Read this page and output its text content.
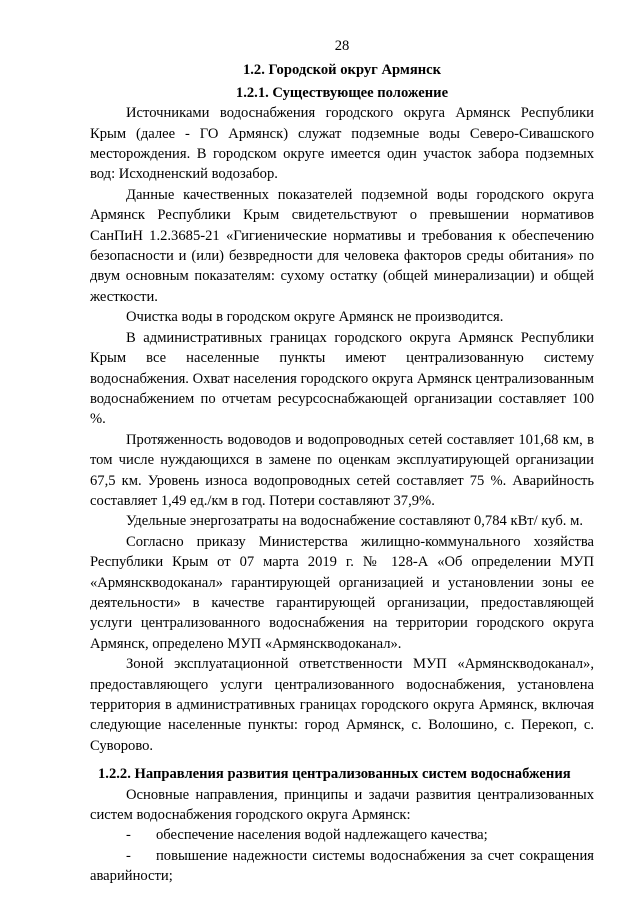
28
1.2. Городской округ Армянск
1.2.1. Существующее положение

Источниками водоснабжения городского округа Армянск Республики Крым (далее - ГО Армянск) служат подземные воды Северо-Сивашского месторождения. В городском округе имеется один участок забора подземных вод: Исходненский водозабор.

Данные качественных показателей подземной воды городского округа Армянск Республики Крым свидетельствуют о превышении нормативов СанПиН 1.2.3685-21 «Гигиенические нормативы и требования к обеспечению безопасности и (или) безвредности для человека факторов среды обитания» по двум основным показателям: сухому остатку (общей минерализации) и общей жесткости.

Очистка воды в городском округе Армянск не производится.

В административных границах городского округа Армянск Республики Крым все населенные пункты имеют централизованную систему водоснабжения. Охват населения городского округа Армянск централизованным водоснабжением по отчетам ресурсоснабжающей организации составляет 100 %.

Протяженность водоводов и водопроводных сетей составляет 101,68 км, в том числе нуждающихся в замене по оценкам эксплуатирующей организации 67,5 км. Уровень износа водопроводных сетей составляет 75 %. Аварийность составляет 1,49 ед./км в год. Потери составляют 37,9%.

Удельные энергозатраты на водоснабжение составляют 0,784 кВт/ куб. м.

Согласно приказу Министерства жилищно-коммунального хозяйства Республики Крым от 07 марта 2019 г. № 128-А «Об определении МУП «Армянскводоканал» гарантирующей организацией и установлении зоны ее деятельности» в качестве гарантирующей организации, предоставляющей услуги централизованного водоснабжения на территории городского округа Армянск, определено МУП «Армянскводоканал».

Зоной эксплуатационной ответственности МУП «Армянскводоканал», предоставляющего услуги централизованного водоснабжения, установлена территория в административных границах городского округа Армянск, включая следующие населенные пункты: город Армянск, с. Волошино, с. Перекоп, с. Суворово.

1.2.2. Направления развития централизованных систем водоснабжения

Основные направления, принципы и задачи развития централизованных систем водоснабжения городского округа Армянск:

- обеспечение населения водой надлежащего качества;

- повышение надежности системы водоснабжения за счет сокращения аварийности;
